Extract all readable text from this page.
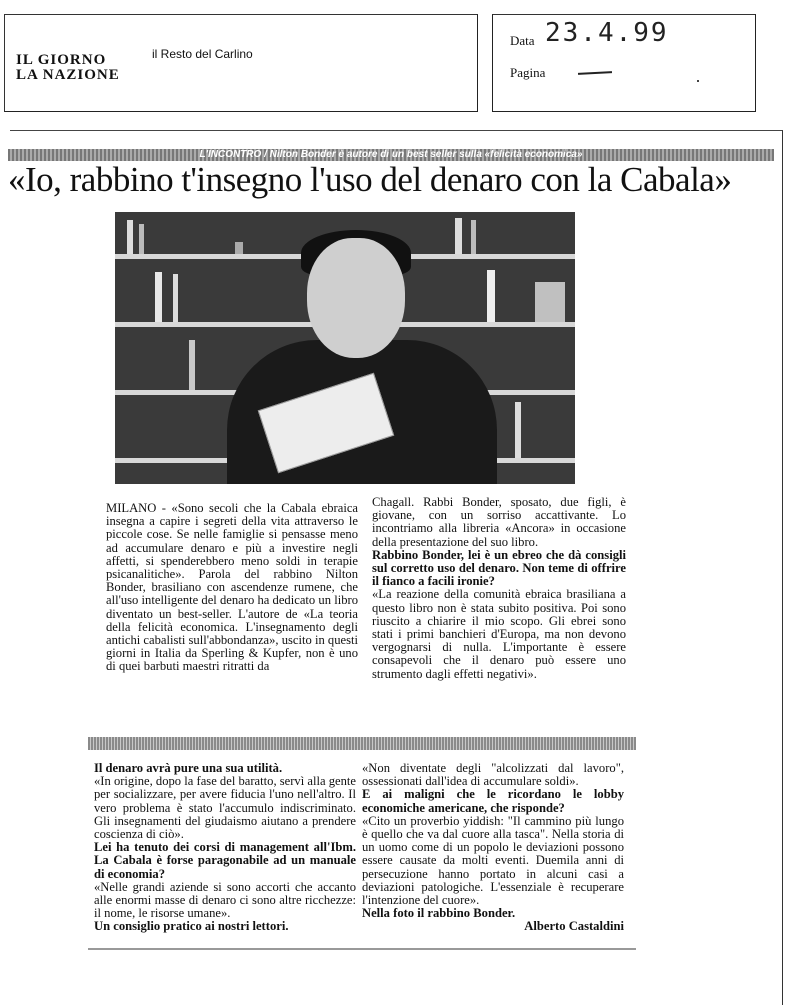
IL GIORNO
LA NAZIONE
il Resto del Carlino
Data 23.4.99
Pagina
L'INCONTRO / Nilton Bonder è autore di un best seller sulla «felicità economica»
«Io, rabbino t'insegno l'uso del denaro con la Cabala»

MILANO - «Sono secoli che la Cabala ebraica insegna a capire i segreti della vita attraverso le piccole cose. Se nelle famiglie si pensasse meno ad accumulare denaro e più a investire negli affetti, si spenderebbero meno soldi in terapie psicanalitiche». Parola del rabbino Nilton Bonder, brasiliano con ascendenze rumene, che all'uso intelligente del denaro ha dedicato un libro diventato un best-seller. L'autore de «La teoria della felicità economica. L'insegnamento degli antichi cabalisti sull'abbondanza», uscito in questi giorni in Italia da Sperling & Kupfer, non è uno di quei barbuti maestri ritratti da

Chagall. Rabbi Bonder, sposato, due figli, è giovane, con un sorriso accattivante. Lo incontriamo alla libreria «Ancora» in occasione della presentazione del suo libro.

Rabbino Bonder, lei è un ebreo che dà consigli sul corretto uso del denaro. Non teme di offrire il fianco a facili ironie?

«La reazione della comunità ebraica brasiliana a questo libro non è stata subito positiva. Poi sono riuscito a chiarire il mio scopo. Gli ebrei sono stati i primi banchieri d'Europa, ma non devono vergognarsi di nulla. L'importante è essere consapevoli che il denaro può essere uno strumento dagli effetti negativi».

Il denaro avrà pure una sua utilità.

«In origine, dopo la fase del baratto, servì alla gente per socializzare, per avere fiducia l'uno nell'altro. Il vero problema è stato l'accumulo indiscriminato. Gli insegnamenti del giudaismo aiutano a prendere coscienza di ciò».

Lei ha tenuto dei corsi di management all'Ibm. La Cabala è forse paragonabile ad un manuale di economia?

«Nelle grandi aziende si sono accorti che accanto alle enormi masse di denaro ci sono altre ricchezze: il nome, le risorse umane».

Un consiglio pratico ai nostri lettori.

«Non diventate degli "alcolizzati dal lavoro", ossessionati dall'idea di accumulare soldi».

E ai maligni che le ricordano le lobby economiche americane, che risponde?

«Cito un proverbio yiddish: "Il cammino più lungo è quello che va dal cuore alla tasca". Nella storia di un uomo come di un popolo le deviazioni possono essere causate da molti eventi. Duemila anni di persecuzione hanno portato in alcuni casi a deviazioni patologiche. L'essenziale è recuperare l'intenzione del cuore».

Nella foto il rabbino Bonder.

Alberto Castaldini
